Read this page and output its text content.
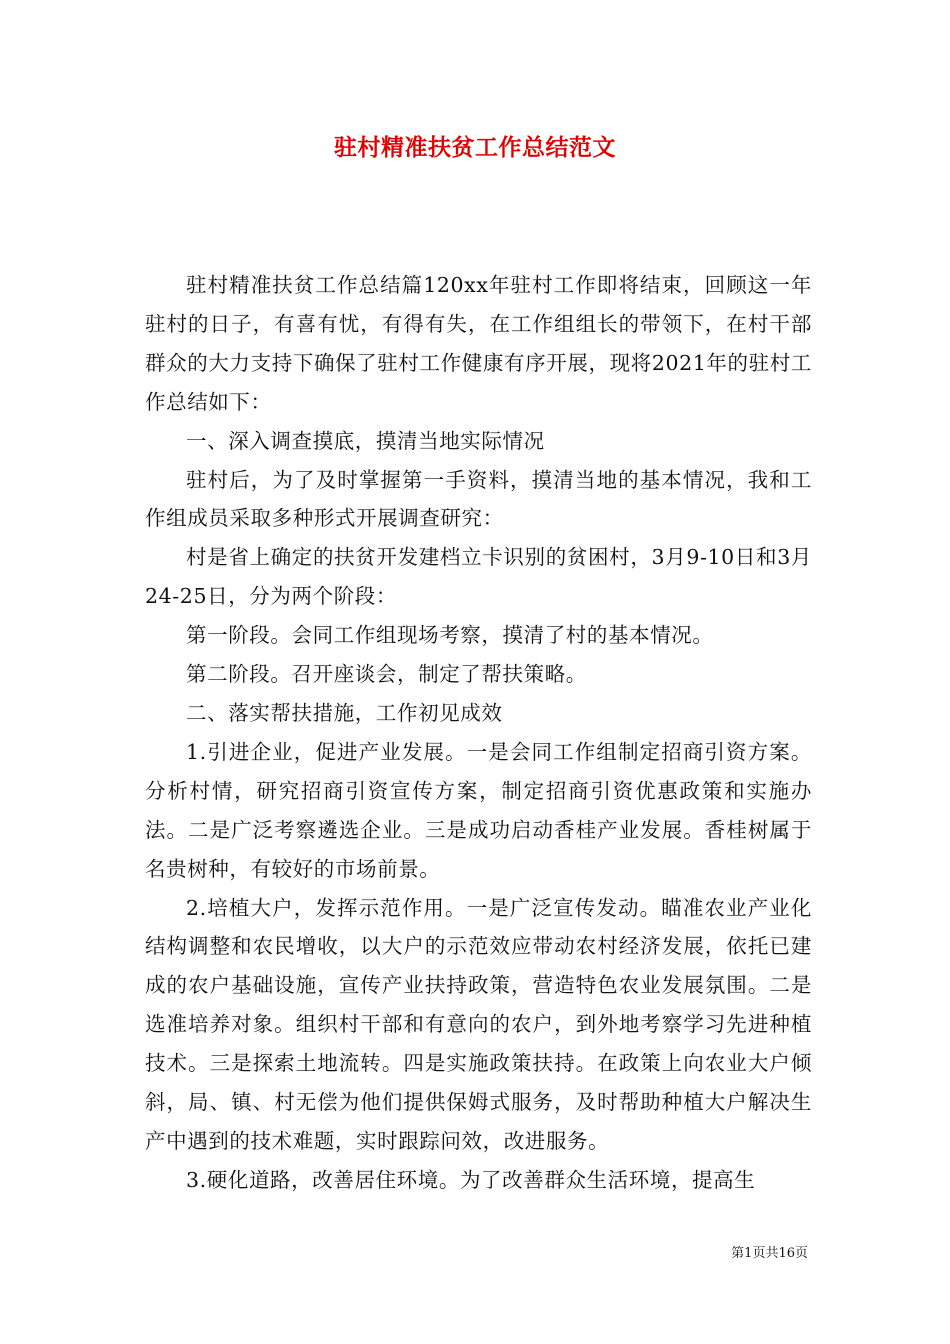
驻村精准扶贫工作总结范文

驻村精准扶贫工作总结篇120xx年驻村工作即将结束，回顾这一年驻村的日子，有喜有忧，有得有失，在工作组组长的带领下，在村干部群众的大力支持下确保了驻村工作健康有序开展，现将2021年的驻村工作总结如下：

一、深入调查摸底，摸清当地实际情况

驻村后，为了及时掌握第一手资料，摸清当地的基本情况，我和工作组成员采取多种形式开展调查研究：

村是省上确定的扶贫开发建档立卡识别的贫困村，3月9-10日和3月24-25日，分为两个阶段：

第一阶段。会同工作组现场考察，摸清了村的基本情况。

第二阶段。召开座谈会，制定了帮扶策略。

二、落实帮扶措施，工作初见成效

1.引进企业，促进产业发展。一是会同工作组制定招商引资方案。分析村情，研究招商引资宣传方案，制定招商引资优惠政策和实施办法。二是广泛考察遴选企业。三是成功启动香桂产业发展。香桂树属于名贵树种，有较好的市场前景。

2.培植大户，发挥示范作用。一是广泛宣传发动。瞄准农业产业化结构调整和农民增收，以大户的示范效应带动农村经济发展，依托已建成的农户基础设施，宣传产业扶持政策，营造特色农业发展氛围。二是选准培养对象。组织村干部和有意向的农户，到外地考察学习先进种植技术。三是探索土地流转。四是实施政策扶持。在政策上向农业大户倾斜，局、镇、村无偿为他们提供保姆式服务，及时帮助种植大户解决生产中遇到的技术难题，实时跟踪问效，改进服务。

3.硬化道路，改善居住环境。为了改善群众生活环境，提高生

第1页共16页
